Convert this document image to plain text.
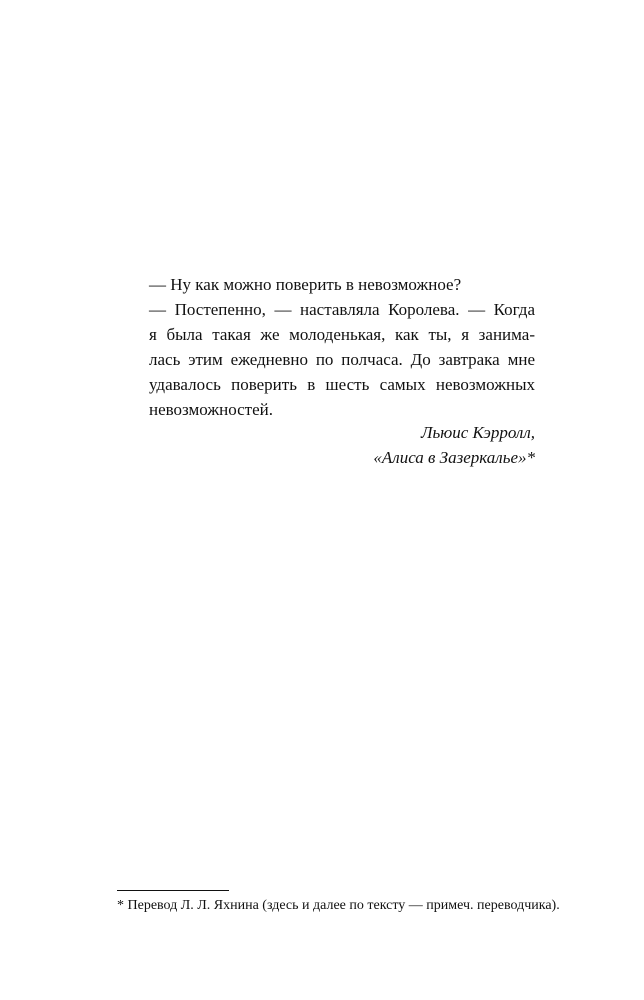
— Ну как можно поверить в невозможное?
— Постепенно, — наставляла Королева. — Когда
я была такая же молоденькая, как ты, я занима-
лась этим ежедневно по полчаса. До завтрака мне
удавалось поверить в шесть самых невозможных
невозможностей.
Льюис Кэрролл,
«Алиса в Зазеркалье»*
* Перевод Л. Л. Яхнина (здесь и далее по тексту — примеч. переводчика).
